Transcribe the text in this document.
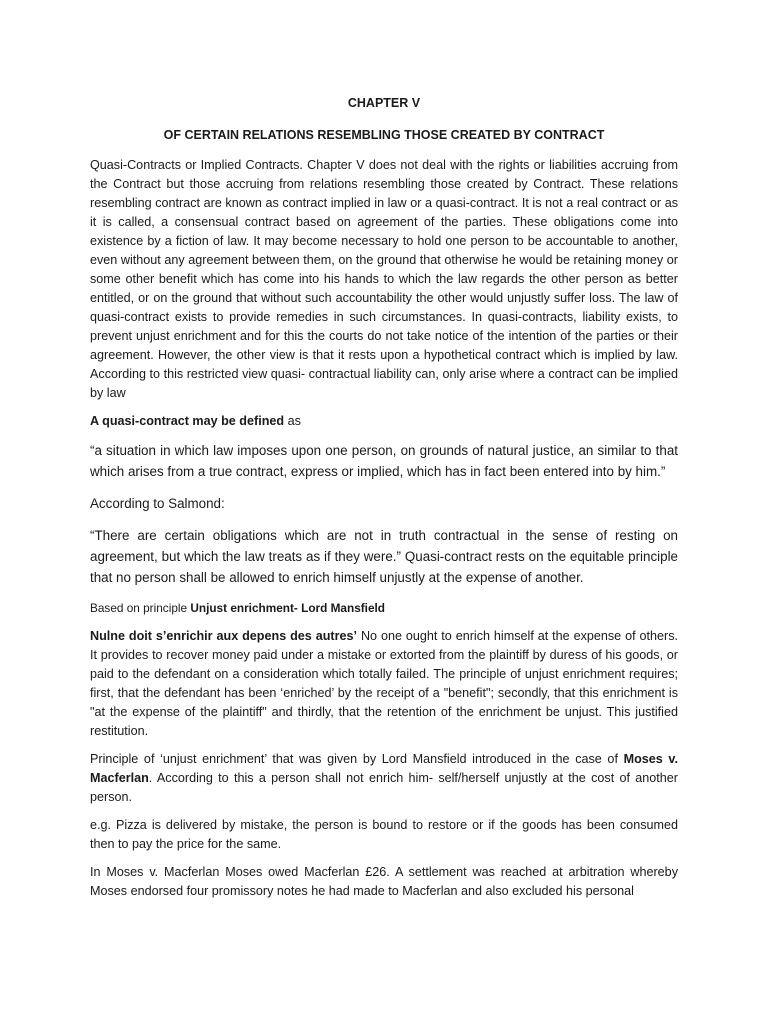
CHAPTER V
OF CERTAIN RELATIONS RESEMBLING THOSE CREATED BY CONTRACT

Quasi-Contracts or Implied Contracts. Chapter V does not deal with the rights or liabilities accruing from the Contract but those accruing from relations resembling those created by Contract. These relations resembling contract are known as contract implied in law or a quasi-contract. It is not a real contract or as it is called, a consensual contract based on agreement of the parties. These obligations come into existence by a fiction of law. It may become necessary to hold one person to be accountable to another, even without any agreement between them, on the ground that otherwise he would be retaining money or some other benefit which has come into his hands to which the law regards the other person as better entitled, or on the ground that without such accountability the other would unjustly suffer loss. The law of quasi-contract exists to provide remedies in such circumstances. In quasi-contracts, liability exists, to prevent unjust enrichment and for this the courts do not take notice of the intention of the parties or their agreement. However, the other view is that it rests upon a hypothetical contract which is implied by law. According to this restricted view quasi- contractual liability can, only arise where a contract can be implied by law

A quasi-contract may be defined as

“a situation in which law imposes upon one person, on grounds of natural justice, an similar to that which arises from a true contract, express or implied, which has in fact been entered into by him.”

According to Salmond:

“There are certain obligations which are not in truth contractual in the sense of resting on agreement, but which the law treats as if they were.” Quasi-contract rests on the equitable principle that no person shall be allowed to enrich himself unjustly at the expense of another.

Based on principle Unjust enrichment- Lord Mansfield

Nulne doit s’enrichir aux depens des autres’ No one ought to enrich himself at the expense of others. It provides to recover money paid under a mistake or extorted from the plaintiff by duress of his goods, or paid to the defendant on a consideration which totally failed. The principle of unjust enrichment requires; first, that the defendant has been ‘enriched’ by the receipt of a "benefit"; secondly, that this enrichment is "at the expense of the plaintiff" and thirdly, that the retention of the enrichment be unjust. This justified restitution.

Principle of ‘unjust enrichment’ that was given by Lord Mansfield introduced in the case of Moses v. Macferlan. According to this a person shall not enrich him- self/herself unjustly at the cost of another person.

e.g. Pizza is delivered by mistake, the person is bound to restore or if the goods has been consumed then to pay the price for the same.

In Moses v. Macferlan Moses owed Macferlan £26. A settlement was reached at arbitration whereby Moses endorsed four promissory notes he had made to Macferlan and also excluded his personal
